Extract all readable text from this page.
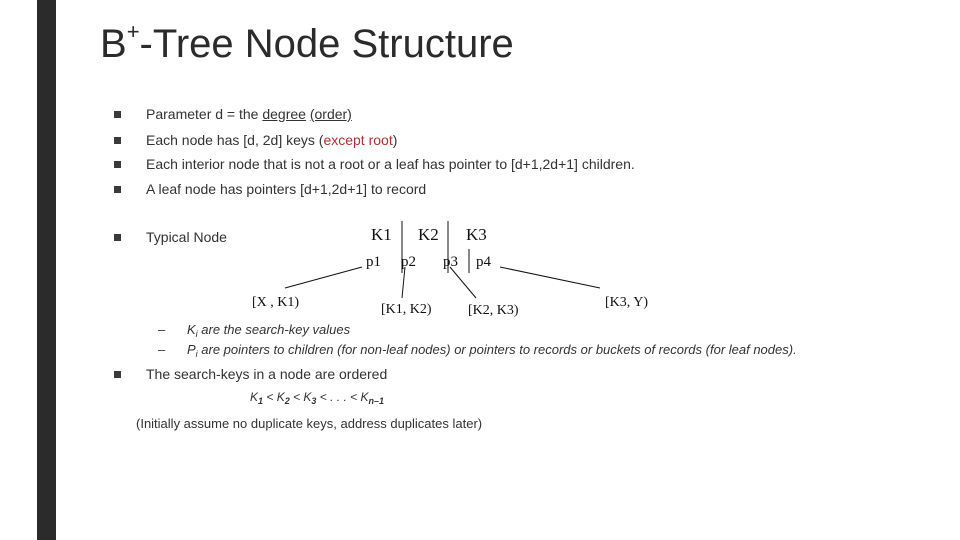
B+-Tree Node Structure
Parameter d = the degree (order)
Each node has [d, 2d] keys (except root)
Each interior node that is not a root or a leaf has pointer to [d+1,2d+1] children.
A leaf node has pointers [d+1,2d+1] to record
Typical Node	K1 K2 K3
p1 p2 p3 p4
[X , K1)	[K1, K2)	[K2, K3)
[K3, Y)
– $K_i$ are the search-key values
– $P_i$ are pointers to children (for non-leaf nodes) or pointers to records or buckets of records (for leaf nodes).
The search-keys in a node are ordered
$K_1 < K_2 < K_3$ < . . . < $K_{n-1}$
(Initially assume no duplicate keys, address duplicates later)
